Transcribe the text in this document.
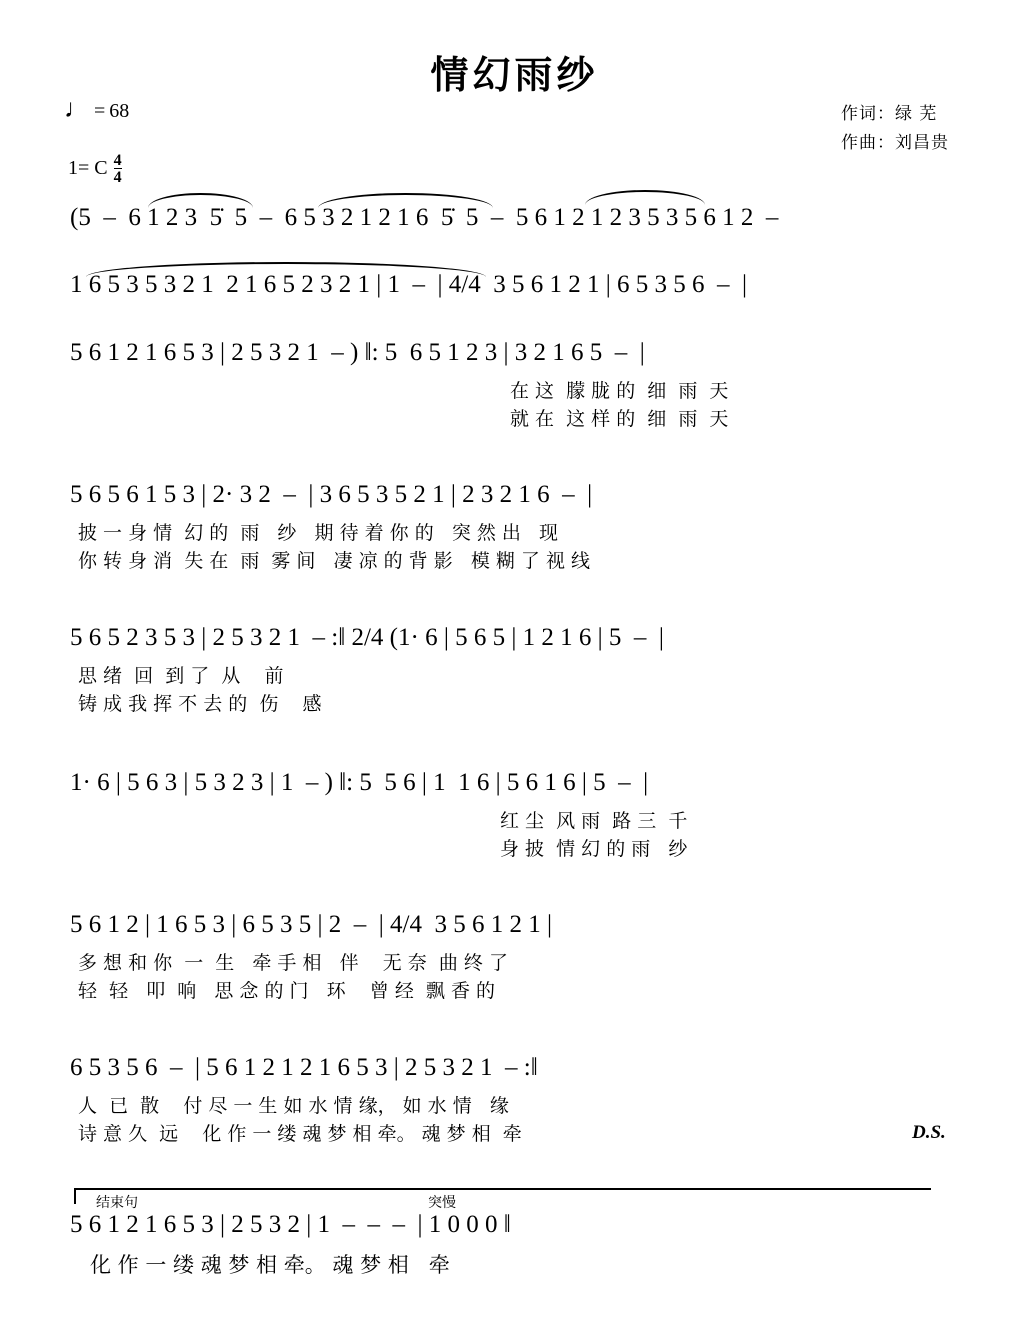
情幻雨纱
♩ = 68	作词：绿 芜
作曲：刘昌贵
1= C $\frac{4}{4}$
(5  –  6 1 2 3  5̇  5  –  6 5 3 2 1 2 1 6  5̇  5  –  5 6 1 2 1 2 3 5 3 5 6 1 2  –
1 6 5 3 5 3 2 1  2 1 6 5 2 3 2 1 | 1  –  | 4/4  3 5 6 1 2 1 | 6 5 3 5 6  –  |
5 6 1 2 1 6 5 3 | 2 5 3 2 1  – ) ‖: 5  6 5 1 2 3 | 3 2 1 6 5  –  |
在 这  朦 胧 的  细  雨  天
就 在  这 样 的  细  雨  天
5 6 5 6 1 5 3 | 2· 3 2  –  | 3 6 5 3 5 2 1 | 2 3 2 1 6  –  |
披 一 身 情  幻 的  雨   纱   期 待 着 你 的   突 然 出   现
你 转 身 消  失 在  雨  雾 间   凄 凉 的 背 影   模 糊 了 视 线
5 6 5 2 3 5 3 | 2 5 3 2 1  – :‖ 2/4 (1· 6 | 5 6 5 | 1 2 1 6 | 5  –  |
思 绪  回  到 了  从    前
铸 成 我 挥 不 去 的  伤    感
1· 6 | 5 6 3 | 5 3 2 3 | 1  – ) ‖: 5  5 6 | 1  1 6 | 5 6 1 6 | 5  –  |
红 尘  风 雨  路 三  千
身 披  情 幻 的 雨   纱
5 6 1 2 | 1 6 5 3 | 6 5 3 5 | 2  –  | 4/4  3 5 6 1 2 1 |
多 想 和 你  一  生   牵 手 相   伴    无 奈  曲 终 了
轻  轻   叩  响   思 念 的 门   环    曾 经  飘 香 的
6 5 3 5 6  –  | 5 6 1 2 1 2 1 6 5 3 | 2 5 3 2 1  – :‖
人  已  散    付 尽 一 生 如 水 情 缘， 如 水 情   缘
诗 意 久  远    化 作 一 缕 魂 梦 相 牵。 魂 梦 相  牵	D.S.
结束句	突慢
5 6 1 2 1 6 5 3 | 2 5 3 2 | 1  –  –  –  | 1 0 0 0 ‖
化 作 一 缕 魂 梦 相 牵。 魂 梦 相   牵
